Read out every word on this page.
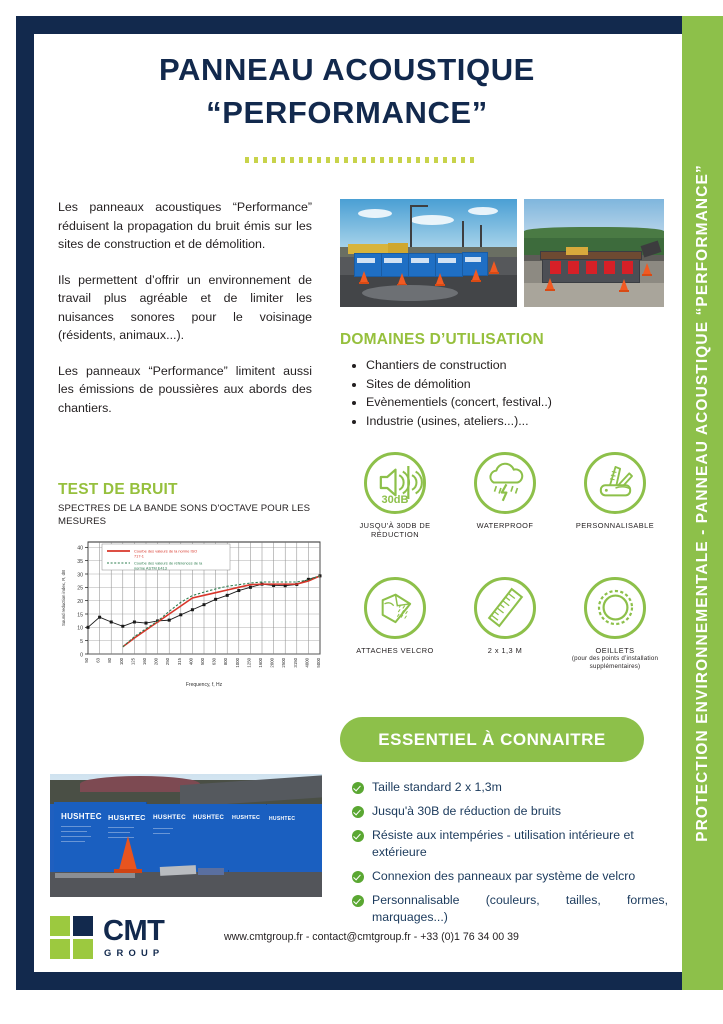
PROTECTION ENVIRONNEMENTALE - PANNEAU ACOUSTIQUE “PERFORMANCE”
PANNEAU ACOUSTIQUE
“PERFORMANCE”

Les panneaux acoustiques “Performance” réduisent la propagation du bruit émis sur les sites de construction et de démolition.

Ils permettent d’offrir un environnement de travail plus agréable et de limiter les nuisances sonores pour le voisinage (résidents, animaux...).

Les panneaux “Performance” limitent aussi les émissions de poussières aux abords des chantiers.

DOMAINES D’UTILISATION
• Chantiers de construction
• Sites de démolition
• Evènementiels (concert, festival..)
• Industrie (usines, ateliers...)...
TEST DE BRUIT
SPECTRES DE LA BANDE SONS D'OCTAVE POUR LES MESURES
0
5
10
15
20
25
30
35
40
50 63 80 100 125 160 200 250 315 400 500 630 800 1000 1250 1600 2000 2500 3150 4000 5000
Frequency, f, Hz
Sound reduction index, R, dB
Courbe des valeurs de la norme ISO
717-1
Courbe des valeurs de références de la
norme ASTM E413
30dB
JUSQU'À 30DB DE RÉDUCTION
WATERPROOF	PERSONNALISABLE
ATTACHES VELCRO	2 x 1,3 M	OEILLETS
(pour des points d’installation supplémentaires)
ESSENTIEL À CONNAITRE
Taille standard 2 x 1,3m
Jusqu'à 30B de réduction de bruits
Résiste aux intempéries - utilisation intérieure et extérieure
Connexion des panneaux par système de velcro
Personnalisable (couleurs, tailles, formes, marquages...)
HUSHTEC HUSHTEC HUSHTEC HUSHTEC HUSHTEC HUSHTEC
CMT
GROUP
www.cmtgroup.fr - contact@cmtgroup.fr - +33 (0)1 76 34 00 39
